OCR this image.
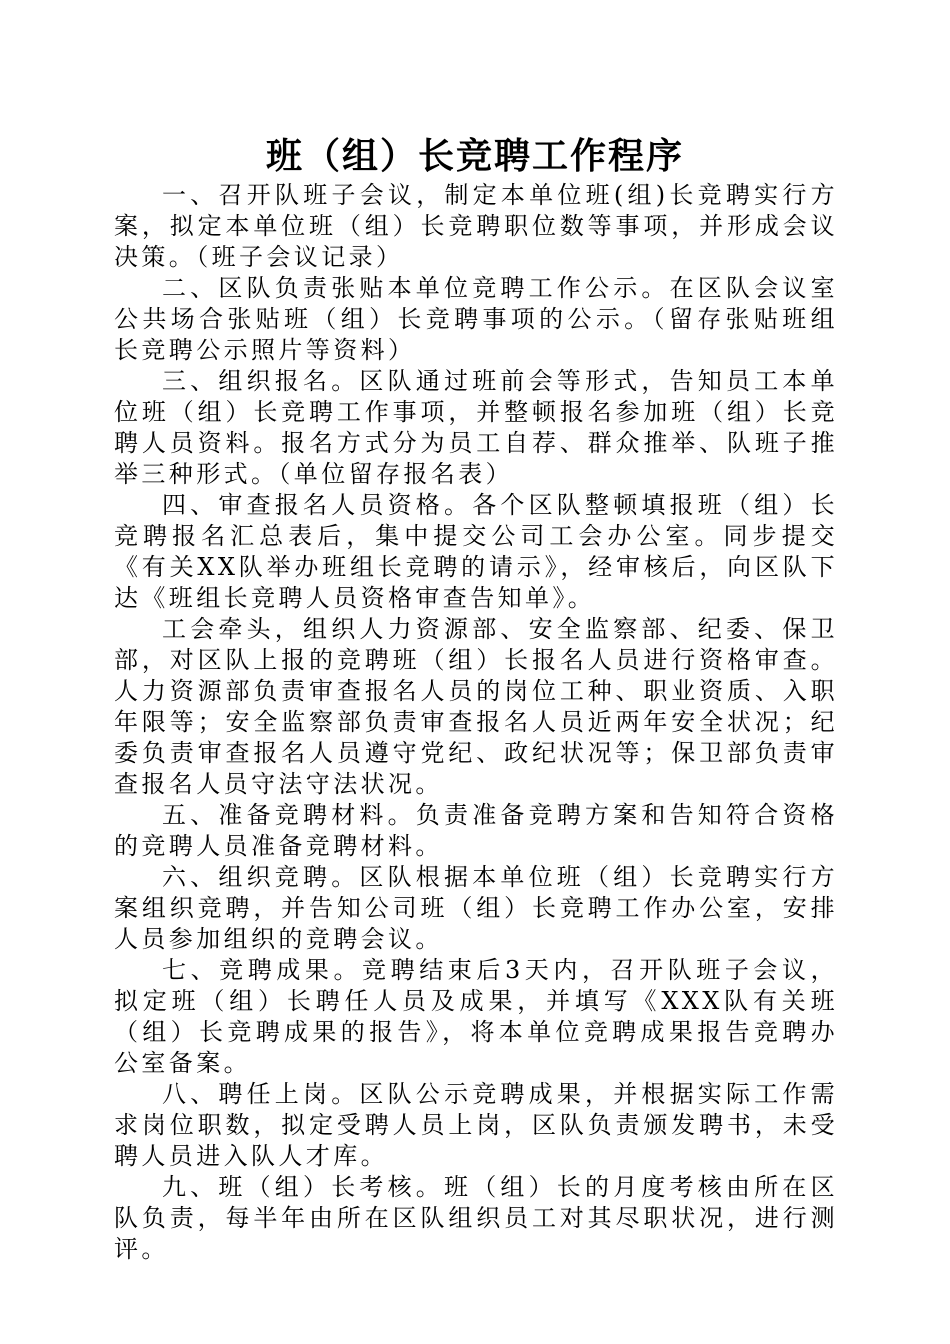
班（组）长竞聘工作程序

一、召开队班子会议，制定本单位班(组)长竞聘实行方案，拟定本单位班（组）长竞聘职位数等事项，并形成会议决策。（班子会议记录）

二、区队负责张贴本单位竞聘工作公示。在区队会议室公共场合张贴班（组）长竞聘事项的公示。（留存张贴班组长竞聘公示照片等资料）

三、组织报名。区队通过班前会等形式，告知员工本单位班（组）长竞聘工作事项，并整顿报名参加班（组）长竞聘人员资料。报名方式分为员工自荐、群众推举、队班子推举三种形式。（单位留存报名表）

四、审查报名人员资格。各个区队整顿填报班（组）长竞聘报名汇总表后，集中提交公司工会办公室。同步提交《有关XX队举办班组长竞聘的请示》，经审核后，向区队下达《班组长竞聘人员资格审查告知单》。

工会牵头，组织人力资源部、安全监察部、纪委、保卫部，对区队上报的竞聘班（组）长报名人员进行资格审查。人力资源部负责审查报名人员的岗位工种、职业资质、入职年限等；安全监察部负责审查报名人员近两年安全状况；纪委负责审查报名人员遵守党纪、政纪状况等；保卫部负责审查报名人员守法守法状况。

五、准备竞聘材料。负责准备竞聘方案和告知符合资格的竞聘人员准备竞聘材料。

六、组织竞聘。区队根据本单位班（组）长竞聘实行方案组织竞聘，并告知公司班（组）长竞聘工作办公室，安排人员参加组织的竞聘会议。

七、竞聘成果。竞聘结束后3天内，召开队班子会议，拟定班（组）长聘任人员及成果，并填写《XXX队有关班（组）长竞聘成果的报告》，将本单位竞聘成果报告竞聘办公室备案。

八、聘任上岗。区队公示竞聘成果，并根据实际工作需求岗位职数，拟定受聘人员上岗，区队负责颁发聘书，未受聘人员进入队人才库。

九、班（组）长考核。班（组）长的月度考核由所在区队负责，每半年由所在区队组织员工对其尽职状况，进行测评。
